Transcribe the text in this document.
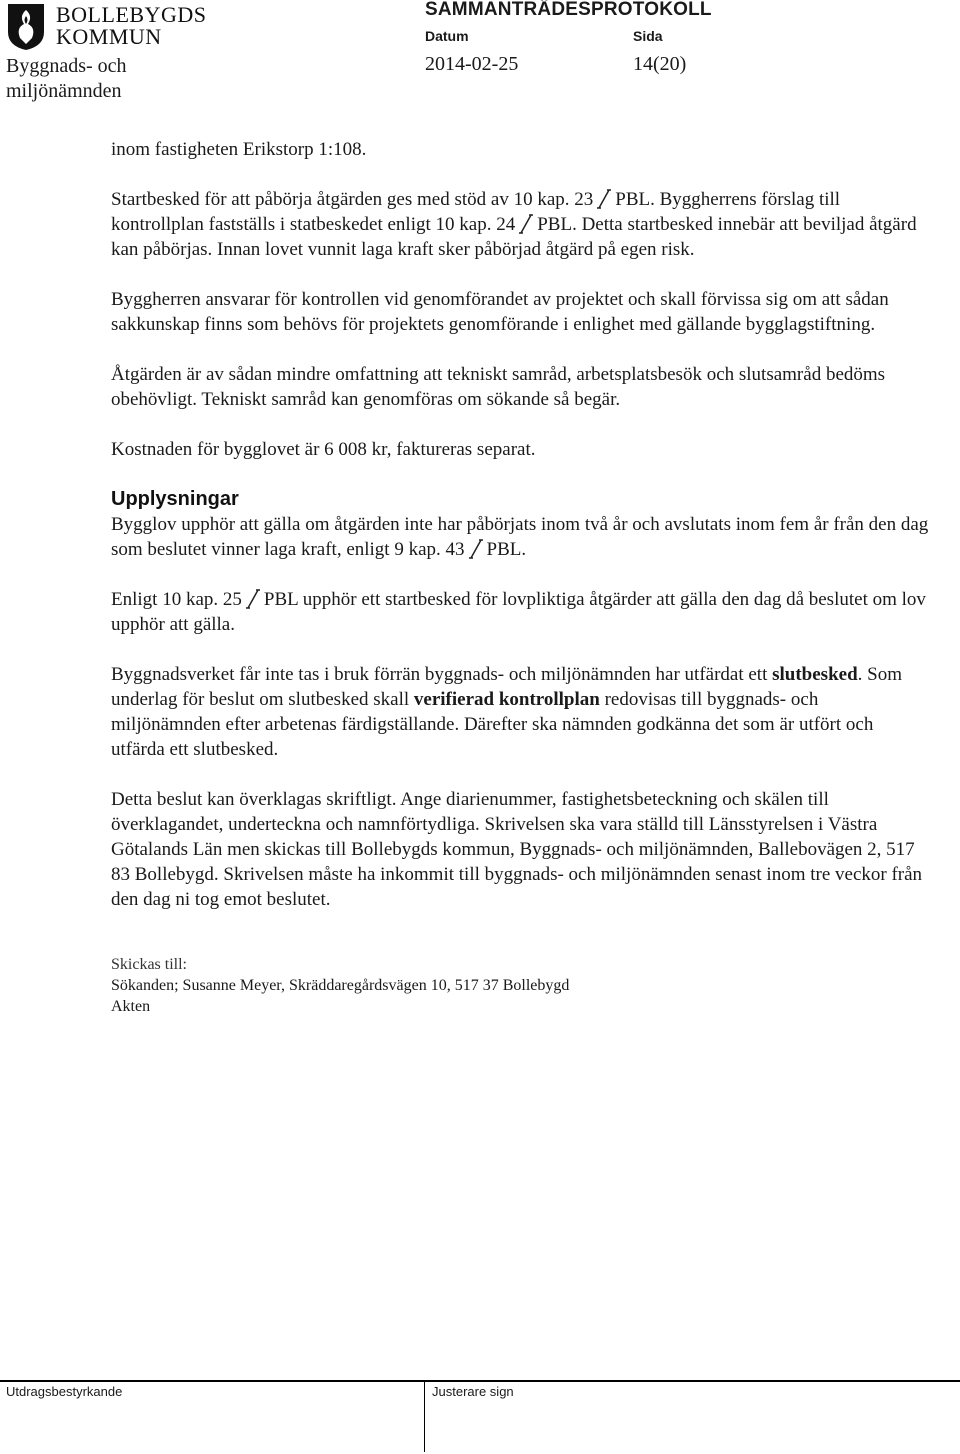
BOLLEBYGDS
KOMMUN
Byggnads- och miljönämnden
SAMMANTRÄDESPROTOKOLL
Datum	Sida
2014-02-25	14(20)

inom fastigheten Erikstorp 1:108.

Startbesked för att påbörja åtgärden ges med stöd av 10 kap. 23 PBL. Byggherrens förslag till kontrollplan fastställs i statbeskedet enligt 10 kap. 24 PBL. Detta startbesked innebär att beviljad åtgärd kan påbörjas. Innan lovet vunnit laga kraft sker påbörjad åtgärd på egen risk.

Byggherren ansvarar för kontrollen vid genomförandet av projektet och skall förvissa sig om att sådan sakkunskap finns som behövs för projektets genomförande i enlighet med gällande bygglagstiftning.

Åtgärden är av sådan mindre omfattning att tekniskt samråd, arbetsplatsbesök och slutsamråd bedöms obehövligt. Tekniskt samråd kan genomföras om sökande så begär.

Kostnaden för bygglovet är 6 008 kr, faktureras separat.

Upplysningar

Bygglov upphör att gälla om åtgärden inte har påbörjats inom två år och avslutats inom fem år från den dag som beslutet vinner laga kraft, enligt 9 kap. 43 PBL.

Enligt 10 kap. 25 PBL upphör ett startbesked för lovpliktiga åtgärder att gälla den dag då beslutet om lov upphör att gälla.

Byggnadsverket får inte tas i bruk förrän byggnads- och miljönämnden har utfärdat ett slutbesked. Som underlag för beslut om slutbesked skall verifierad kontrollplan redovisas till byggnads- och miljönämnden efter arbetenas färdigställande. Därefter ska nämnden godkänna det som är utfört och utfärda ett slutbesked.

Detta beslut kan överklagas skriftligt. Ange diarienummer, fastighetsbeteckning och skälen till överklagandet, underteckna och namnförtydliga. Skrivelsen ska vara ställd till Länsstyrelsen i Västra Götalands Län men skickas till Bollebygds kommun, Byggnads- och miljönämnden, Ballebovägen 2, 517 83 Bollebygd. Skrivelsen måste ha inkommit till byggnads- och miljönämnden senast inom tre veckor från den dag ni tog emot beslutet.

Skickas till:

Sökanden; Susanne Meyer, Skräddaregårdsvägen 10, 517 37 Bollebygd

Akten

Utdragsbestyrkande	Justerare sign
